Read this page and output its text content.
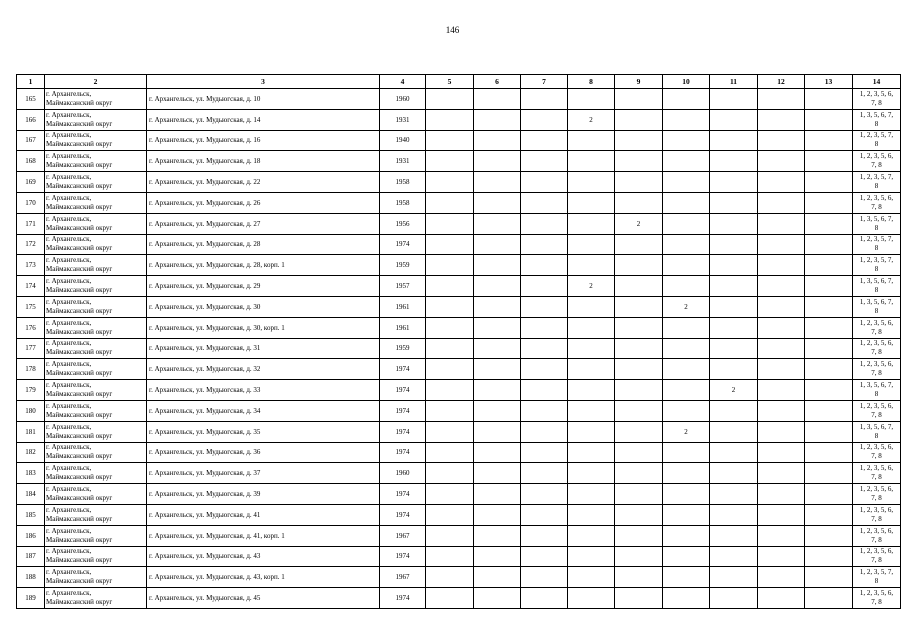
146
1	2	3	4	5	6	7	8	9	10	11	12	13	14
165	г. Архангельск,
Маймаксанский округ	г. Архангельск, ул. Мудьюгская, д. 10	1960										1, 2, 3, 5, 6,
7, 8

166	г. Архангельск,
Маймаксанский округ	г. Архангельск, ул. Мудьюгская, д. 14	1931				2						1, 3, 5, 6, 7,
8

167	г. Архангельск,
Маймаксанский округ	г. Архангельск, ул. Мудьюгская, д. 16	1940										1, 2, 3, 5, 7,
8

168	г. Архангельск,
Маймаксанский округ	г. Архангельск, ул. Мудьюгская, д. 18	1931										1, 2, 3, 5, 6,
7, 8

169	г. Архангельск,
Маймаксанский округ	г. Архангельск, ул. Мудьюгская, д. 22	1958										1, 2, 3, 5, 7,
8

170	г. Архангельск,
Маймаксанский округ	г. Архангельск, ул. Мудьюгская, д. 26	1958										1, 2, 3, 5, 6,
7, 8

171	г. Архангельск,
Маймаксанский округ	г. Архангельск, ул. Мудьюгская, д. 27	1956					2					1, 3, 5, 6, 7,
8

172	г. Архангельск,
Маймаксанский округ	г. Архангельск, ул. Мудьюгская, д. 28	1974										1, 2, 3, 5, 7,
8

173	г. Архангельск,
Маймаксанский округ	г. Архангельск, ул. Мудьюгская, д. 28, корп. 1	1959										1, 2, 3, 5, 7,
8

174	г. Архангельск,
Маймаксанский округ	г. Архангельск, ул. Мудьюгская, д. 29	1957				2						1, 3, 5, 6, 7,
8

175	г. Архангельск,
Маймаксанский округ	г. Архангельск, ул. Мудьюгская, д. 30	1961						2				1, 3, 5, 6, 7,
8

176	г. Архангельск,
Маймаксанский округ	г. Архангельск, ул. Мудьюгская, д. 30, корп. 1	1961										1, 2, 3, 5, 6,
7, 8

177	г. Архангельск,
Маймаксанский округ	г. Архангельск, ул. Мудьюгская, д. 31	1959										1, 2, 3, 5, 6,
7, 8

178	г. Архангельск,
Маймаксанский округ	г. Архангельск, ул. Мудьюгская, д. 32	1974										1, 2, 3, 5, 6,
7, 8

179	г. Архангельск,
Маймаксанский округ	г. Архангельск, ул. Мудьюгская, д. 33	1974							2			1, 3, 5, 6, 7,
8

180	г. Архангельск,
Маймаксанский округ	г. Архангельск, ул. Мудьюгская, д. 34	1974										1, 2, 3, 5, 6,
7, 8

181	г. Архангельск,
Маймаксанский округ	г. Архангельск, ул. Мудьюгская, д. 35	1974						2				1, 3, 5, 6, 7,
8

182	г. Архангельск,
Маймаксанский округ	г. Архангельск, ул. Мудьюгская, д. 36	1974										1, 2, 3, 5, 6,
7, 8

183	г. Архангельск,
Маймаксанский округ	г. Архангельск, ул. Мудьюгская, д. 37	1960										1, 2, 3, 5, 6,
7, 8

184	г. Архангельск,
Маймаксанский округ	г. Архангельск, ул. Мудьюгская, д. 39	1974										1, 2, 3, 5, 6,
7, 8

185	г. Архангельск,
Маймаксанский округ	г. Архангельск, ул. Мудьюгская, д. 41	1974										1, 2, 3, 5, 6,
7, 8

186	г. Архангельск,
Маймаксанский округ	г. Архангельск, ул. Мудьюгская, д. 41, корп. 1	1967										1, 2, 3, 5, 6,
7, 8

187	г. Архангельск,
Маймаксанский округ	г. Архангельск, ул. Мудьюгская, д. 43	1974										1, 2, 3, 5, 6,
7, 8

188	г. Архангельск,
Маймаксанский округ	г. Архангельск, ул. Мудьюгская, д. 43, корп. 1	1967										1, 2, 3, 5, 7,
8

189	г. Архангельск,
Маймаксанский округ	г. Архангельск, ул. Мудьюгская, д. 45	1974										1, 2, 3, 5, 6,
7, 8
